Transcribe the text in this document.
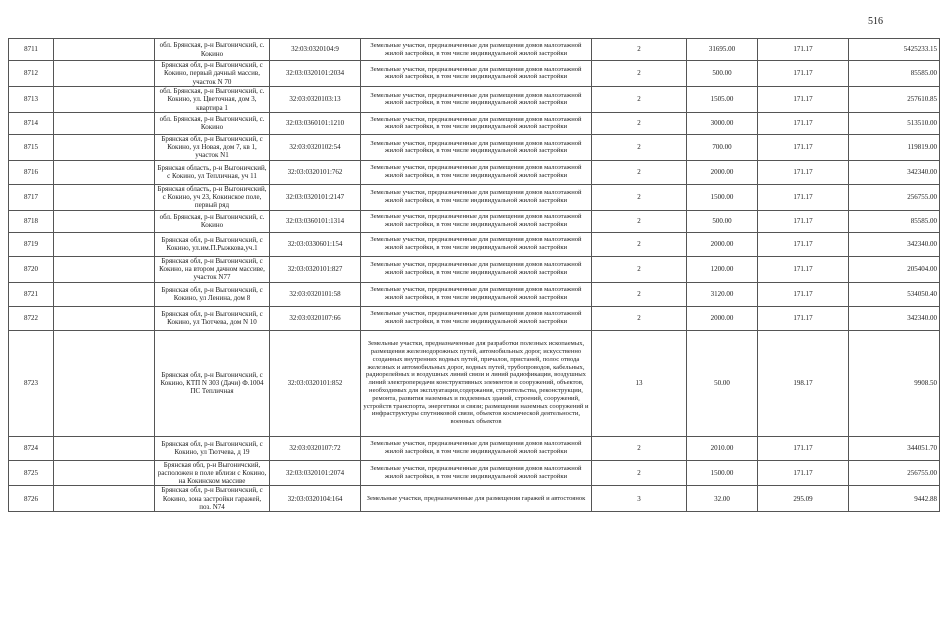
516
8711		обл. Брянская, р-н Выгоничский, с. Кокино	32:03:0320104:9	Земельные участки, предназначенные для размещения домов малоэтажной жилой застройки, в том числе индивидуальной жилой застройки	2	31695.00	171.17	5425233.15
8712		Брянская обл, р-н Выгоничский, с Кокино, первый дачный массив, участок N 70	32:03:0320101:2034	Земельные участки, предназначенные для размещения домов малоэтажной жилой застройки, в том числе индивидуальной жилой застройки	2	500.00	171.17	85585.00
8713		обл. Брянская, р-н Выгоничский, с. Кокино, ул. Цветочная, дом 3, квартира 1	32:03:0320103:13	Земельные участки, предназначенные для размещения домов малоэтажной жилой застройки, в том числе индивидуальной жилой застройки	2	1505.00	171.17	257610.85
8714		обл. Брянская, р-н Выгоничский, с. Кокино	32:03:0360101:1210	Земельные участки, предназначенные для размещения домов малоэтажной жилой застройки, в том числе индивидуальной жилой застройки	2	3000.00	171.17	513510.00
8715		Брянская обл, р-н Выгоничский, с Кокино, ул Новая, дом 7, кв 1, участок N1	32:03:0320102:54	Земельные участки, предназначенные для размещения домов малоэтажной жилой застройки, в том числе индивидуальной жилой застройки	2	700.00	171.17	119819.00
8716		Брянская область, р-н Выгоничский, с Кокино, ул Тепличная, уч 11	32:03:0320101:762	Земельные участки, предназначенные для размещения домов малоэтажной жилой застройки, в том числе индивидуальной жилой застройки	2	2000.00	171.17	342340.00
8717		Брянская область, р-н Выгоничский, с Кокино, уч 23, Кокинское поле, первый ряд	32:03:0320101:2147	Земельные участки, предназначенные для размещения домов малоэтажной жилой застройки, в том числе индивидуальной жилой застройки	2	1500.00	171.17	256755.00
8718		обл. Брянская, р-н Выгоничский, с. Кокино	32:03:0360101:1314	Земельные участки, предназначенные для размещения домов малоэтажной жилой застройки, в том числе индивидуальной жилой застройки	2	500.00	171.17	85585.00
8719		Брянская обл, р-н Выгоничский, с Кокино, ул.им.П.Рыжкова,уч.1	32:03:0330601:154	Земельные участки, предназначенные для размещения домов малоэтажной жилой застройки, в том числе индивидуальной жилой застройки	2	2000.00	171.17	342340.00
8720		Брянская обл, р-н Выгоничский, с Кокино, на втором дачном массиве, участок N77	32:03:0320101:827	Земельные участки, предназначенные для размещения домов малоэтажной жилой застройки, в том числе индивидуальной жилой застройки	2	1200.00	171.17	205404.00
8721		Брянская обл, р-н Выгоничский, с Кокино, ул Ленина, дом 8	32:03:0320101:58	Земельные участки, предназначенные для размещения домов малоэтажной жилой застройки, в том числе индивидуальной жилой застройки	2	3120.00	171.17	534050.40
8722		Брянская обл, р-н Выгоничский, с Кокино, ул Тютчева, дом N 10	32:03:0320107:66	Земельные участки, предназначенные для размещения домов малоэтажной жилой застройки, в том числе индивидуальной жилой застройки	2	2000.00	171.17	342340.00
8723		Брянская обл, р-н Выгоничский, с Кокино, КТП N 303 (Дачи) Ф.1004 ПС Тепличная	32:03:0320101:852	Земельные участки, предназначенные для разработки полезных ископаемых, размещения железнодорожных путей, автомобильных дорог, искусственно созданных внутренних водных путей, причалов, пристаней, полос отвода железных и автомобильных дорог, водных путей, трубопроводов, кабельных, радиорелейных и воздушных линий связи и линий радиофикации, воздушных линий электропередачи конструктивных элементов и сооружений, объектов, необходимых для эксплуатации,содержания, строительства, реконструкции, ремонта, развития наземных и подземных зданий, строений, сооружений, устройств транспорта, энергетики и связи; размещения наземных сооружений и инфраструктуры спутниковой связи, объектов космической деятельности, военных объектов	13	50.00	198.17	9908.50
8724		Брянская обл, р-н Выгоничский, с Кокино, ул Тютчева, д 19	32:03:0320107:72	Земельные участки, предназначенные для размещения домов малоэтажной жилой застройки, в том числе индивидуальной жилой застройки	2	2010.00	171.17	344051.70
8725		Брянская обл, р-н Выгоничский, расположен в поле вблизи с Кокино, на Кокинском массиве	32:03:0320101:2074	Земельные участки, предназначенные для размещения домов малоэтажной жилой застройки, в том числе индивидуальной жилой застройки	2	1500.00	171.17	256755.00
8726		Брянская обл, р-н Выгоничский, с Кокино, зона застройки гаражей, поз. N74	32:03:0320104:164	Земельные участки, предназначенные для размещения гаражей и автостоянок	3	32.00	295.09	9442.88
